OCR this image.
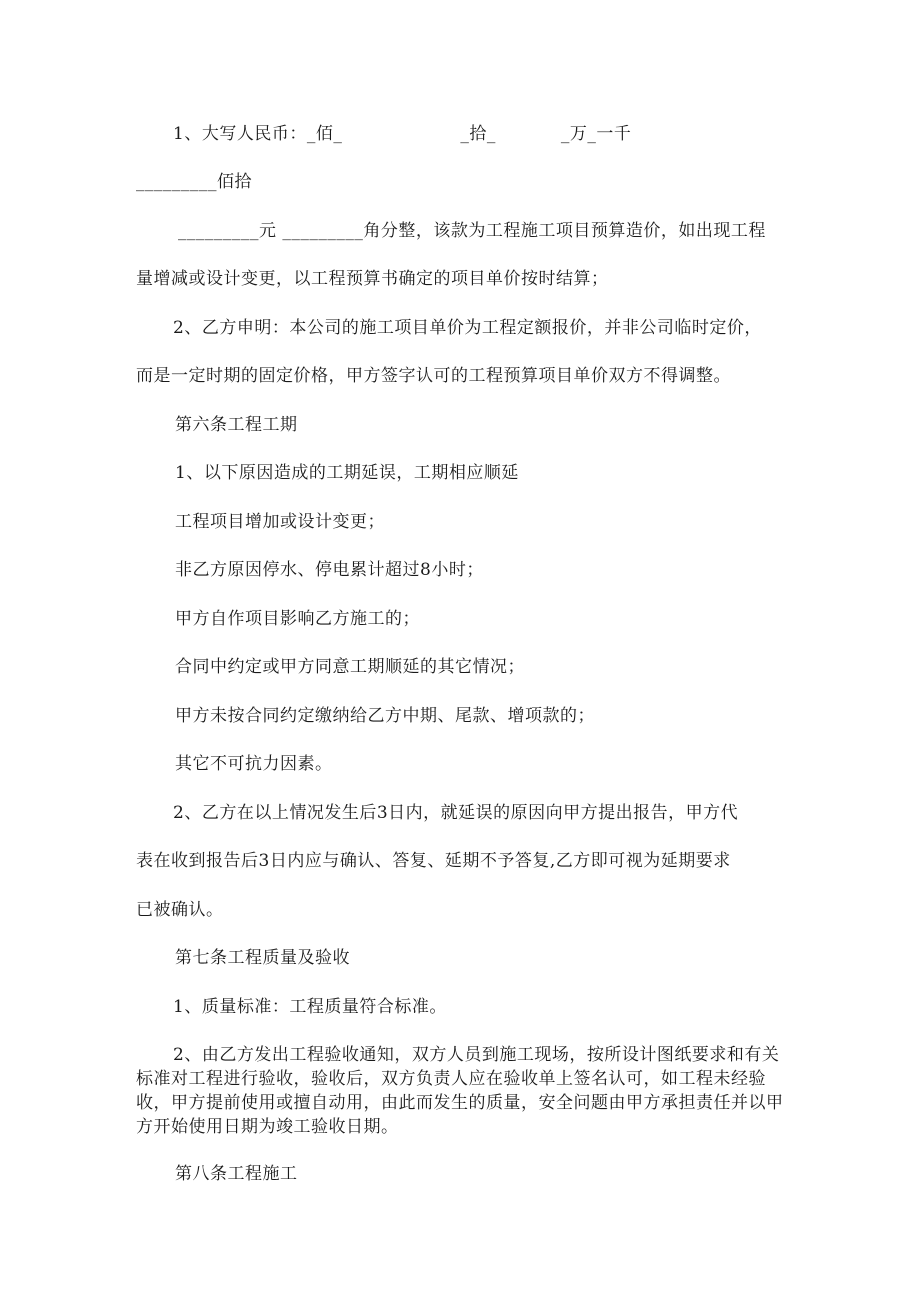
1、大写人民币：_佰_                    _拾_           _万_一千
_________佰拾
_________元 _________角分整，该款为工程施工项目预算造价，如出现工程
量增减或设计变更，以工程预算书确定的项目单价按时结算；
2、乙方申明：本公司的施工项目单价为工程定额报价，并非公司临时定价，
而是一定时期的固定价格，甲方签字认可的工程预算项目单价双方不得调整。
第六条工程工期
1、以下原因造成的工期延误，工期相应顺延
工程项目增加或设计变更；
非乙方原因停水、停电累计超过8小时；
甲方自作项目影响乙方施工的；
合同中约定或甲方同意工期顺延的其它情况；
甲方未按合同约定缴纳给乙方中期、尾款、增项款的；
其它不可抗力因素。
2、乙方在以上情况发生后3日内，就延误的原因向甲方提出报告，甲方代
表在收到报告后3日内应与确认、答复、延期不予答复,乙方即可视为延期要求
已被确认。
第七条工程质量及验收
1、质量标准：工程质量符合标准。
2、由乙方发出工程验收通知，双方人员到施工现场，按所设计图纸要求和有关标准对工程进行验收，验收后，双方负责人应在验收单上签名认可，如工程未经验收，甲方提前使用或擅自动用，由此而发生的质量，安全问题由甲方承担责任并以甲方开始使用日期为竣工验收日期。
第八条工程施工
